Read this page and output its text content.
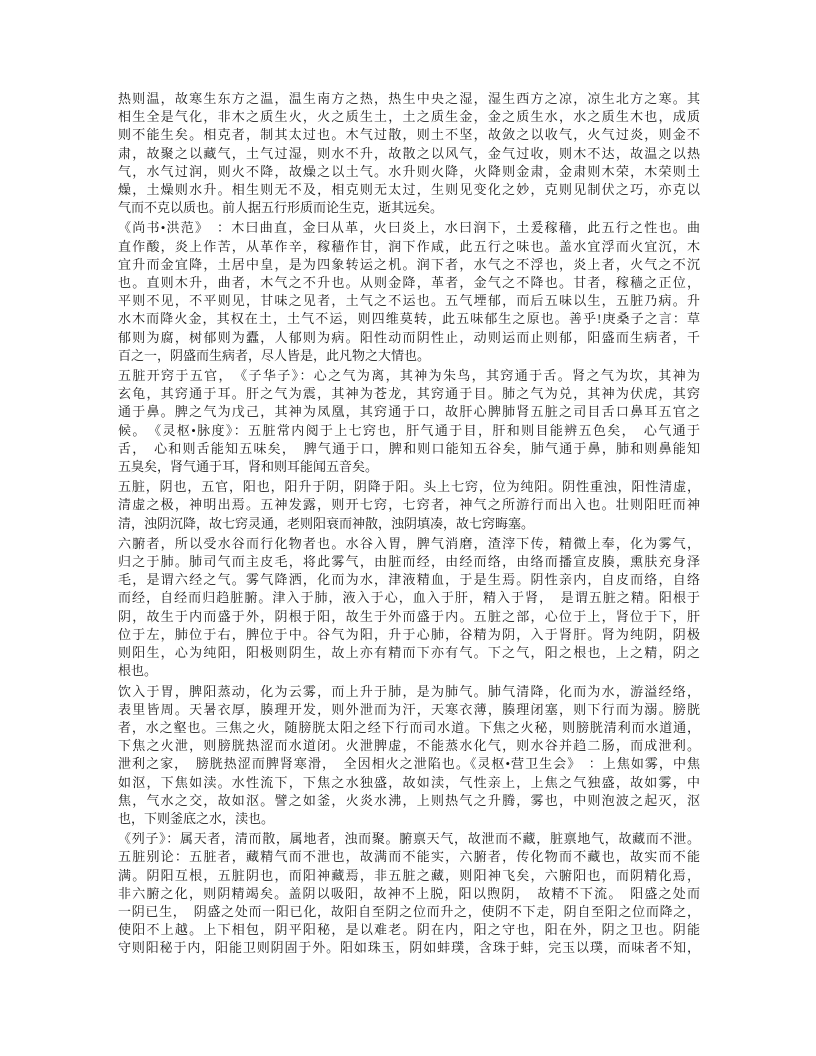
热则温，故寒生东方之温，温生南方之热，热生中央之湿，湿生西方之凉，凉生北方之寒。其
相生全是气化，非木之质生火，火之质生土，土之质生金，金之质生水，水之质生木也，成质
则不能生矣。相克者，制其太过也。木气过散，则土不坚，故敛之以收气，火气过炎，则金不
肃，故聚之以藏气，土气过湿，则水不升，故散之以风气，金气过收，则木不达，故温之以热
气，水气过润，则火不降，故燥之以土气。水升则火降，火降则金肃，金肃则木荣，木荣则土
燥，土燥则水升。相生则无不及，相克则无太过，生则见变化之妙，克则见制伏之巧，亦克以
气而不克以质也。前人据五行形质而论生克，逝其远矣。
《尚书•洪范》　：木曰曲直，金曰从革，火曰炎上，水曰润下，土爰稼穑，此五行之性也。曲
直作酸，炎上作苦，从革作辛，稼穑作甘，润下作咸，此五行之味也。盖水宜浮而火宜沉，木
宜升而金宜降，土居中皇，是为四象转运之机。润下者，水气之不浮也，炎上者，火气之不沉
也。直则木升，曲者，木气之不升也。从则金降，革者，金气之不降也。甘者，稼穑之正位，
平则不见，不平则见，甘味之见者，土气之不运也。五气堙郁，而后五味以生，五脏乃病。升
水木而降火金，其权在土，土气不运，则四维莫转，此五味郁生之原也。善乎!庚桑子之言：草
郁则为腐，树郁则为蠹，人郁则为病。阳性动而阴性止，动则运而止则郁，阳盛而生病者，千
百之一，阴盛而生病者，尽人皆是，此凡物之大情也。
五脏开窍于五官，　《子华子》：心之气为离，其神为朱鸟，其窍通于舌。肾之气为坎，其神为
玄龟，其窍通于耳。肝之气为震，其神为苍龙，其窍通于目。肺之气为兑，其神为伏虎，其窍
通于鼻。脾之气为戊己，其神为凤凰，其窍通于口，故肝心脾肺肾五脏之司目舌口鼻耳五官之
候。　《灵枢•脉度》：五脏常内阅于上七窍也，肝气通于目，肝和则目能辨五色矣，　心气通于
舌，　心和则舌能知五味矣，　脾气通于口，脾和则口能知五谷矣，肺气通于鼻，肺和则鼻能知
五臭矣，肾气通于耳，肾和则耳能闻五音矣。
五脏，阴也，五官，阳也，阳升于阴，阴降于阳。头上七窍，位为纯阳。阴性重浊，阳性清虚，
清虚之极，神明出焉。五神发露，则开七窍，七窍者，神气之所游行而出入也。壮则阳旺而神
清，浊阴沉降，故七窍灵通，老则阳衰而神散，浊阴填凑，故七窍晦塞。
六腑者，所以受水谷而行化物者也。水谷入胃，脾气消磨，渣滓下传，精微上奉，化为雾气，
归之于肺。肺司气而主皮毛，将此雾气，由脏而经，由经而络，由络而播宣皮腠，熏肤充身泽
毛，是谓六经之气。雾气降洒，化而为水，津液精血，于是生焉。阴性亲内，自皮而络，自络
而经，自经而归趋脏腑。津入于肺，液入于心，血入于肝，精入于肾，　是谓五脏之精。阳根于
阴，故生于内而盛于外，阴根于阳，故生于外而盛于内。五脏之部，心位于上，肾位于下，肝
位于左，肺位于右，脾位于中。谷气为阳，升于心肺，谷精为阴，入于肾肝。肾为纯阴，阴极
则阳生，心为纯阳，阳极则阴生，故上亦有精而下亦有气。下之气，阳之根也，上之精，阴之
根也。
饮入于胃，脾阳蒸动，化为云雾，而上升于肺，是为肺气。肺气清降，化而为水，游溢经络，
表里皆周。天暑衣厚，腠理开发，则外泄而为汗，天寒衣薄，腠理闭塞，则下行而为溺。膀胱
者，水之壑也。三焦之火，随膀胱太阳之经下行而司水道。下焦之火秘，则膀胱清利而水道通，
下焦之火泄，则膀胱热涩而水道闭。火泄脾虚，不能蒸水化气，则水谷并趋二肠，而成泄利。
泄利之家，　膀胱热涩而脾肾寒滑，　全因相火之泄陷也。《灵枢•营卫生会》　：上焦如雾，中焦
如沤，下焦如渎。水性流下，下焦之水独盛，故如渎，气性亲上，上焦之气独盛，故如雾，中
焦，气水之交，故如沤。譬之如釜，火炎水沸，上则热气之升腾，雾也，中则泡波之起灭，沤
也，下则釜底之水，渎也。
《列子》：属天者，清而散，属地者，浊而聚。腑禀天气，故泄而不藏，脏禀地气，故藏而不泄。
五脏别论：五脏者，藏精气而不泄也，故满而不能实，六腑者，传化物而不藏也，故实而不能
满。阴阳互根，五脏阴也，而阳神藏焉，非五脏之藏，则阳神飞矣，六腑阳也，而阴精化焉，
非六腑之化，则阴精竭矣。盖阴以吸阳，故神不上脱，阳以煦阴，　故精不下流。　阳盛之处而
一阴已生，　阴盛之处而一阳已化，故阳自至阴之位而升之，使阴不下走，阴自至阳之位而降之，
使阳不上越。上下相包，阴平阳秘，是以难老。阴在内，阳之守也，阳在外，阴之卫也。阴能
守则阳秘于内，阳能卫则阴固于外。阳如珠玉，阴如蚌璞，含珠于蚌，完玉以璞，而味者不知，
